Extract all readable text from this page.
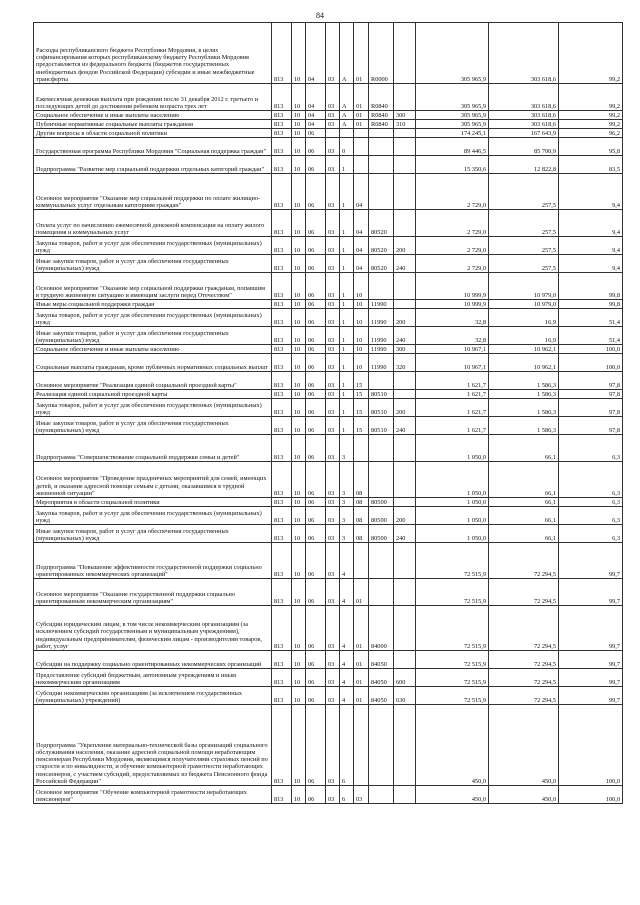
84
Расходы республиканского бюджета Республики Мордовия, в целях софинансирования которых республиканскому бюджету Республики Мордовия предоставляется из федерального бюджета (бюджетов государственных внебюджетных фондов Российской Федерации) субсидии и иные межбюджетные трансферты	813	10	04	03	А	01	R0000		305 965,9	303 618,6	99,2
Ежемесячная денежная выплата при рождении после 31 декабря 2012 г. третьего и последующих детей до достижения ребенком возраста трех лет	813	10	04	03	А	01	R0840		305 965,9	303 618,6	99,2
Социальное обеспечение и иные выплаты населению	813	10	04	03	А	01	R0840	300	305 965,9	303 618,6	99,2
Публичные нормативные социальные выплаты гражданам	813	10	04	03	А	01	R0840	310	305 965,9	303 618,6	99,2
Другие вопросы в области социальной политики	813	10	06						174 245,1	167 643,9	96,2
Государственная программа Республики Мордовия "Социальная поддержка граждан"	813	10	06	03	0				89 446,5	85 700,9	95,8
Подпрограмма "Развитие мер социальной поддержки отдельных категорий граждан"	813	10	06	03	1				15 350,6	12 822,8	83,5
Основное мероприятие "Оказание мер социальной поддержки по оплате жилищно-коммунальных услуг отдельным категориям граждан"	813	10	06	03	1	04			2 729,0	257,5	9,4
Оплата услуг по начислению ежемесячной денежной компенсации на оплату жилого помещения и коммунальных услуг	813	10	06	03	1	04	80520		2 729,0	257,5	9,4
Закупка товаров, работ и услуг для обеспечения государственных (муниципальных) нужд	813	10	06	03	1	04	80520	200	2 729,0	257,5	9,4
Иные закупки товаров, работ и услуг для обеспечения государственных (муниципальных) нужд	813	10	06	03	1	04	80520	240	2 729,0	257,5	9,4
Основное мероприятие "Оказание мер социальной поддержки гражданам, попавшим в трудную жизненную ситуацию и имеющим заслуги перед Отечеством"	813	10	06	03	1	10			10 999,9	10 979,0	99,8
Иные меры социальной поддержки граждан	813	10	06	03	1	10	11990		10 999,9	10 979,0	99,8
Закупка товаров, работ и услуг для обеспечения государственных (муниципальных) нужд	813	10	06	03	1	10	11990	200	32,8	16,9	51,4
Иные закупки товаров, работ и услуг для обеспечения государственных (муниципальных) нужд	813	10	06	03	1	10	11990	240	32,8	16,9	51,4
Социальное обеспечение и иные выплаты населению	813	10	06	03	1	10	11990	300	10 967,1	10 962,1	100,0
Социальные выплаты гражданам, кроме публичных нормативных социальных выплат	813	10	06	03	1	10	11990	320	10 967,1	10 962,1	100,0
Основное мероприятие "Реализация единой социальной проездной карты"	813	10	06	03	1	15			1 621,7	1 586,3	97,8
Реализация единой социальной проездной карты	813	10	06	03	1	15	80510		1 621,7	1 586,3	97,8
Закупка товаров, работ и услуг для обеспечения государственных (муниципальных) нужд	813	10	06	03	1	15	80510	200	1 621,7	1 586,3	97,8
Иные закупки товаров, работ и услуг для обеспечения государственных (муниципальных) нужд	813	10	06	03	1	15	80510	240	1 621,7	1 586,3	97,8
Подпрограмма "Совершенствование социальной поддержки семьи и детей"	813	10	06	03	3				1 050,0	66,1	6,3
Основное мероприятие "Проведение праздничных мероприятий для семей, имеющих детей, и оказание адресной помощи семьям с детьми, оказавшимся в трудной жизненной ситуации"	813	10	06	03	3	08			1 050,0	66,1	6,3
Мероприятия в области социальной политики	813	10	06	03	3	08	80500		1 050,0	66,1	6,3
Закупка товаров, работ и услуг для обеспечения государственных (муниципальных) нужд	813	10	06	03	3	08	80500	200	1 050,0	66,1	6,3
Иные закупки товаров, работ и услуг для обеспечения государственных (муниципальных) нужд	813	10	06	03	3	08	80500	240	1 050,0	66,1	6,3
Подпрограмма "Повышение эффективности государственной поддержки социально ориентированных некоммерческих организаций"	813	10	06	03	4				72 515,9	72 294,5	99,7
Основное мероприятие "Оказание государственной поддержки социально ориентированным некоммерческим организациям"	813	10	06	03	4	01			72 515,9	72 294,5	99,7
Субсидии юридическим лицам, в том числе некоммерческим организациям (за исключением субсидий государственным и муниципальным учреждениям), индивидуальным предпринимателям, физическим лицам - производителям товаров, работ, услуг	813	10	06	03	4	01	84000		72 515,9	72 294,5	99,7
Субсидии на поддержку социально ориентированных некоммерческих организаций	813	10	06	03	4	01	84050		72 515,9	72 294,5	99,7
Предоставление субсидий бюджетным, автономным учреждениям и иным некоммерческим организациям	813	10	06	03	4	01	84050	600	72 515,9	72 294,5	99,7
Субсидии некоммерческим организациям (за исключением государственных (муниципальных) учреждений)	813	10	06	03	4	01	84050	630	72 515,9	72 294,5	99,7
Подпрограмма "Укрепление материально-технической базы организаций социального обслуживания населения, оказание адресной социальной помощи неработающим пенсионерам Республики Мордовия, являющимся получателями страховых пенсий по старости и по инвалидности, и обучение компьютерной грамотности неработающих пенсионеров, с участием субсидий, предоставляемых из бюджета Пенсионного фонда Российской Федерации"	813	10	06	03	6				450,0	450,0	100,0
Основное мероприятие "Обучение компьютерной грамотности неработающих пенсионеров"	813	10	06	03	6	03			450,0	450,0	100,0
